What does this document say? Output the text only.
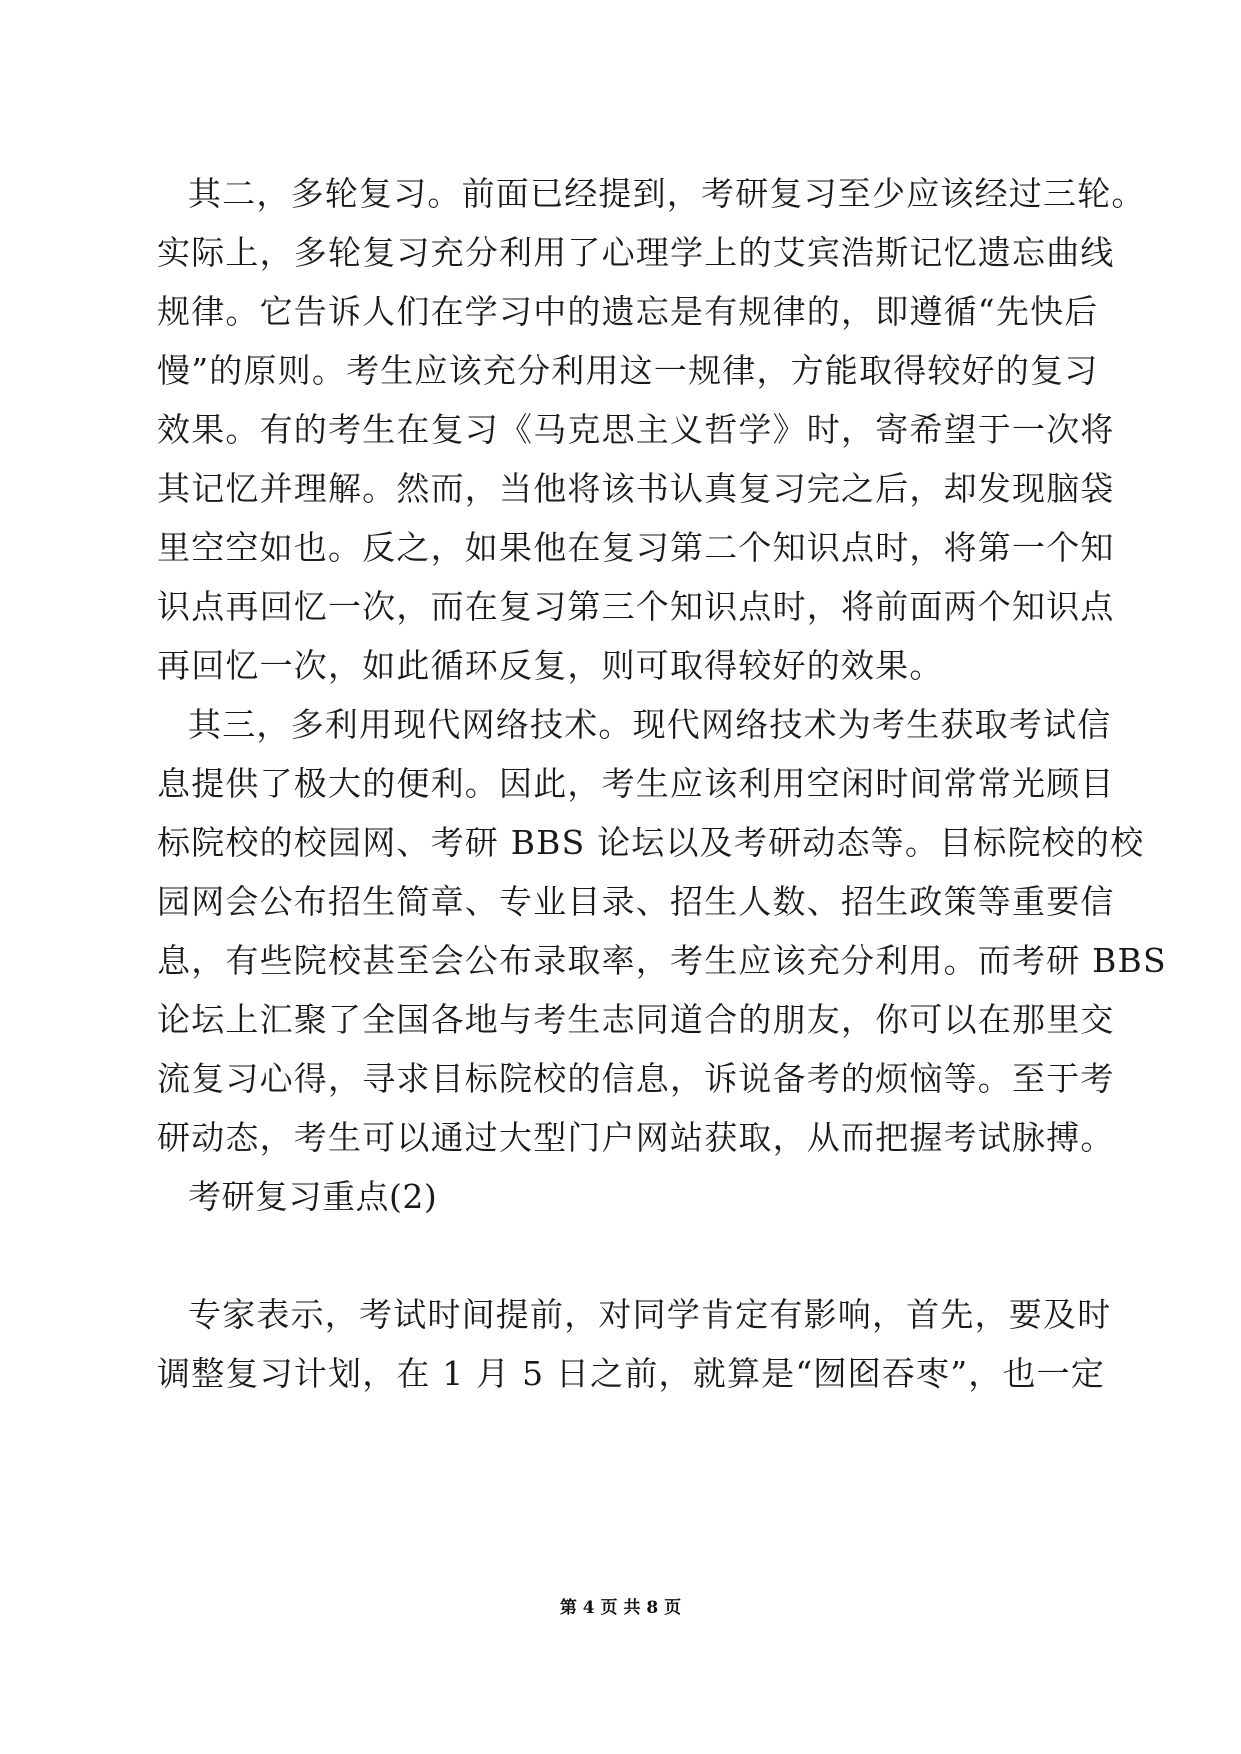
其二，多轮复习。前面已经提到，考研复习至少应该经过三轮。
实际上，多轮复习充分利用了心理学上的艾宾浩斯记忆遗忘曲线
规律。它告诉人们在学习中的遗忘是有规律的，即遵循“先快后
慢”的原则。考生应该充分利用这一规律，方能取得较好的复习
效果。有的考生在复习《马克思主义哲学》时，寄希望于一次将
其记忆并理解。然而，当他将该书认真复习完之后，却发现脑袋
里空空如也。反之，如果他在复习第二个知识点时，将第一个知
识点再回忆一次，而在复习第三个知识点时，将前面两个知识点
再回忆一次，如此循环反复，则可取得较好的效果。
其三，多利用现代网络技术。现代网络技术为考生获取考试信
息提供了极大的便利。因此，考生应该利用空闲时间常常光顾目
标院校的校园网、考研 BBS 论坛以及考研动态等。目标院校的校
园网会公布招生简章、专业目录、招生人数、招生政策等重要信
息，有些院校甚至会公布录取率，考生应该充分利用。而考研 BBS
论坛上汇聚了全国各地与考生志同道合的朋友，你可以在那里交
流复习心得，寻求目标院校的信息，诉说备考的烦恼等。至于考
研动态，考生可以通过大型门户网站获取，从而把握考试脉搏。
考研复习重点(2)
专家表示，考试时间提前，对同学肯定有影响，首先，要及时
调整复习计划，在 1 月 5 日之前，就算是“囫囵吞枣”，也一定
第 4 页 共 8 页
